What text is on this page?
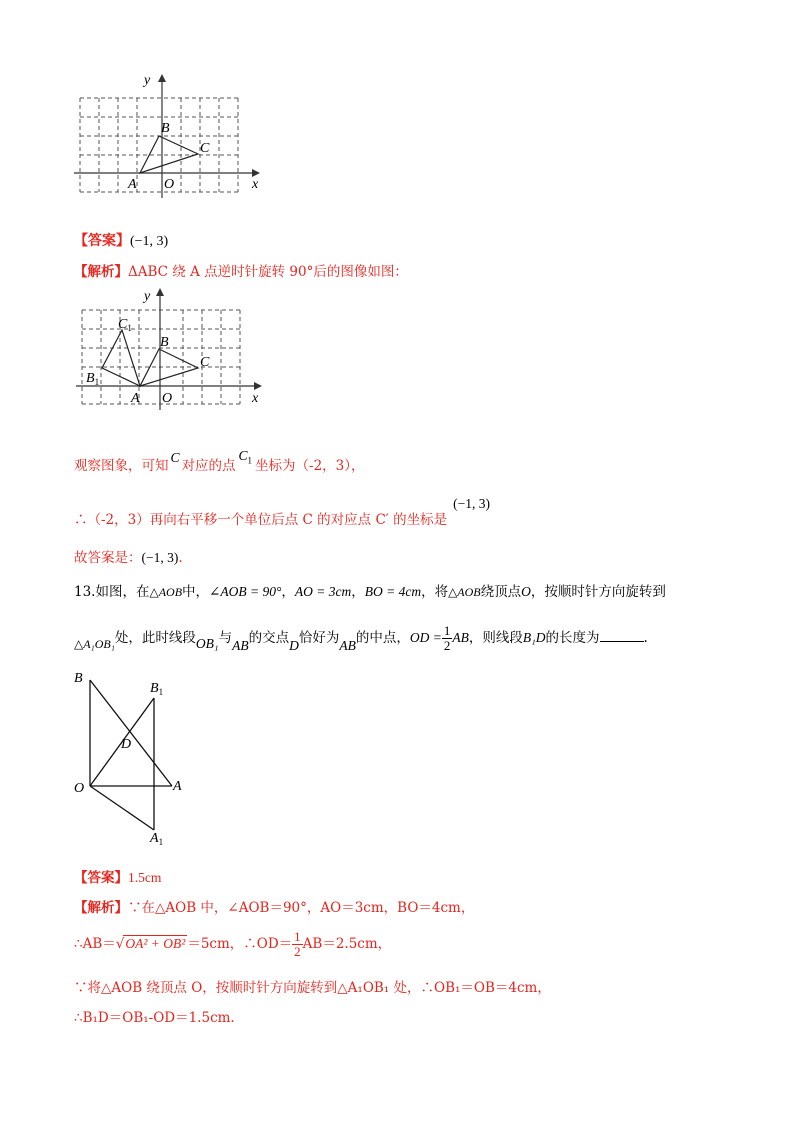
y
x
B
C
A O
【答案】(−1, 3)
【解析】ΔABC 绕 A 点逆时针旋转 90°后的图像如图：
y
x
$C_1$
B
C
$B_1$
A O
观察图象，可知C对应的点$C_1$ 坐标为（-2，3），
∴（-2，3）再向右平移一个单位后点 C 的对应点 C′ 的坐标是(−1, 3)
故答案是：(−1, 3).
13.如图，在△AOB中，∠AOB = 90°，AO = 3cm，BO = 4cm，将△AOB绕顶点O，按顺时针方向旋转到
△A₁OB₁处，此时线段OB₁与AB的交点D恰好为AB的中点，OD = $\frac{1}{2}$ AB，则线段B₁D的长度为	.
B
$B_1$
D
O	A
$A_1$
【答案】1.5cm
【解析】∵在△AOB 中，∠AOB＝90°，AO＝3cm，BO＝4cm，
∴AB＝√OA² + OB² ＝5cm，∴OD＝ $\frac{1}{2} AB=2.5cm$，
∵将△AOB 绕顶点 O，按顺时针方向旋转到△A₁OB₁ 处，∴OB₁＝OB＝4cm，
∴B₁D＝OB₁-OD＝1.5cm.
